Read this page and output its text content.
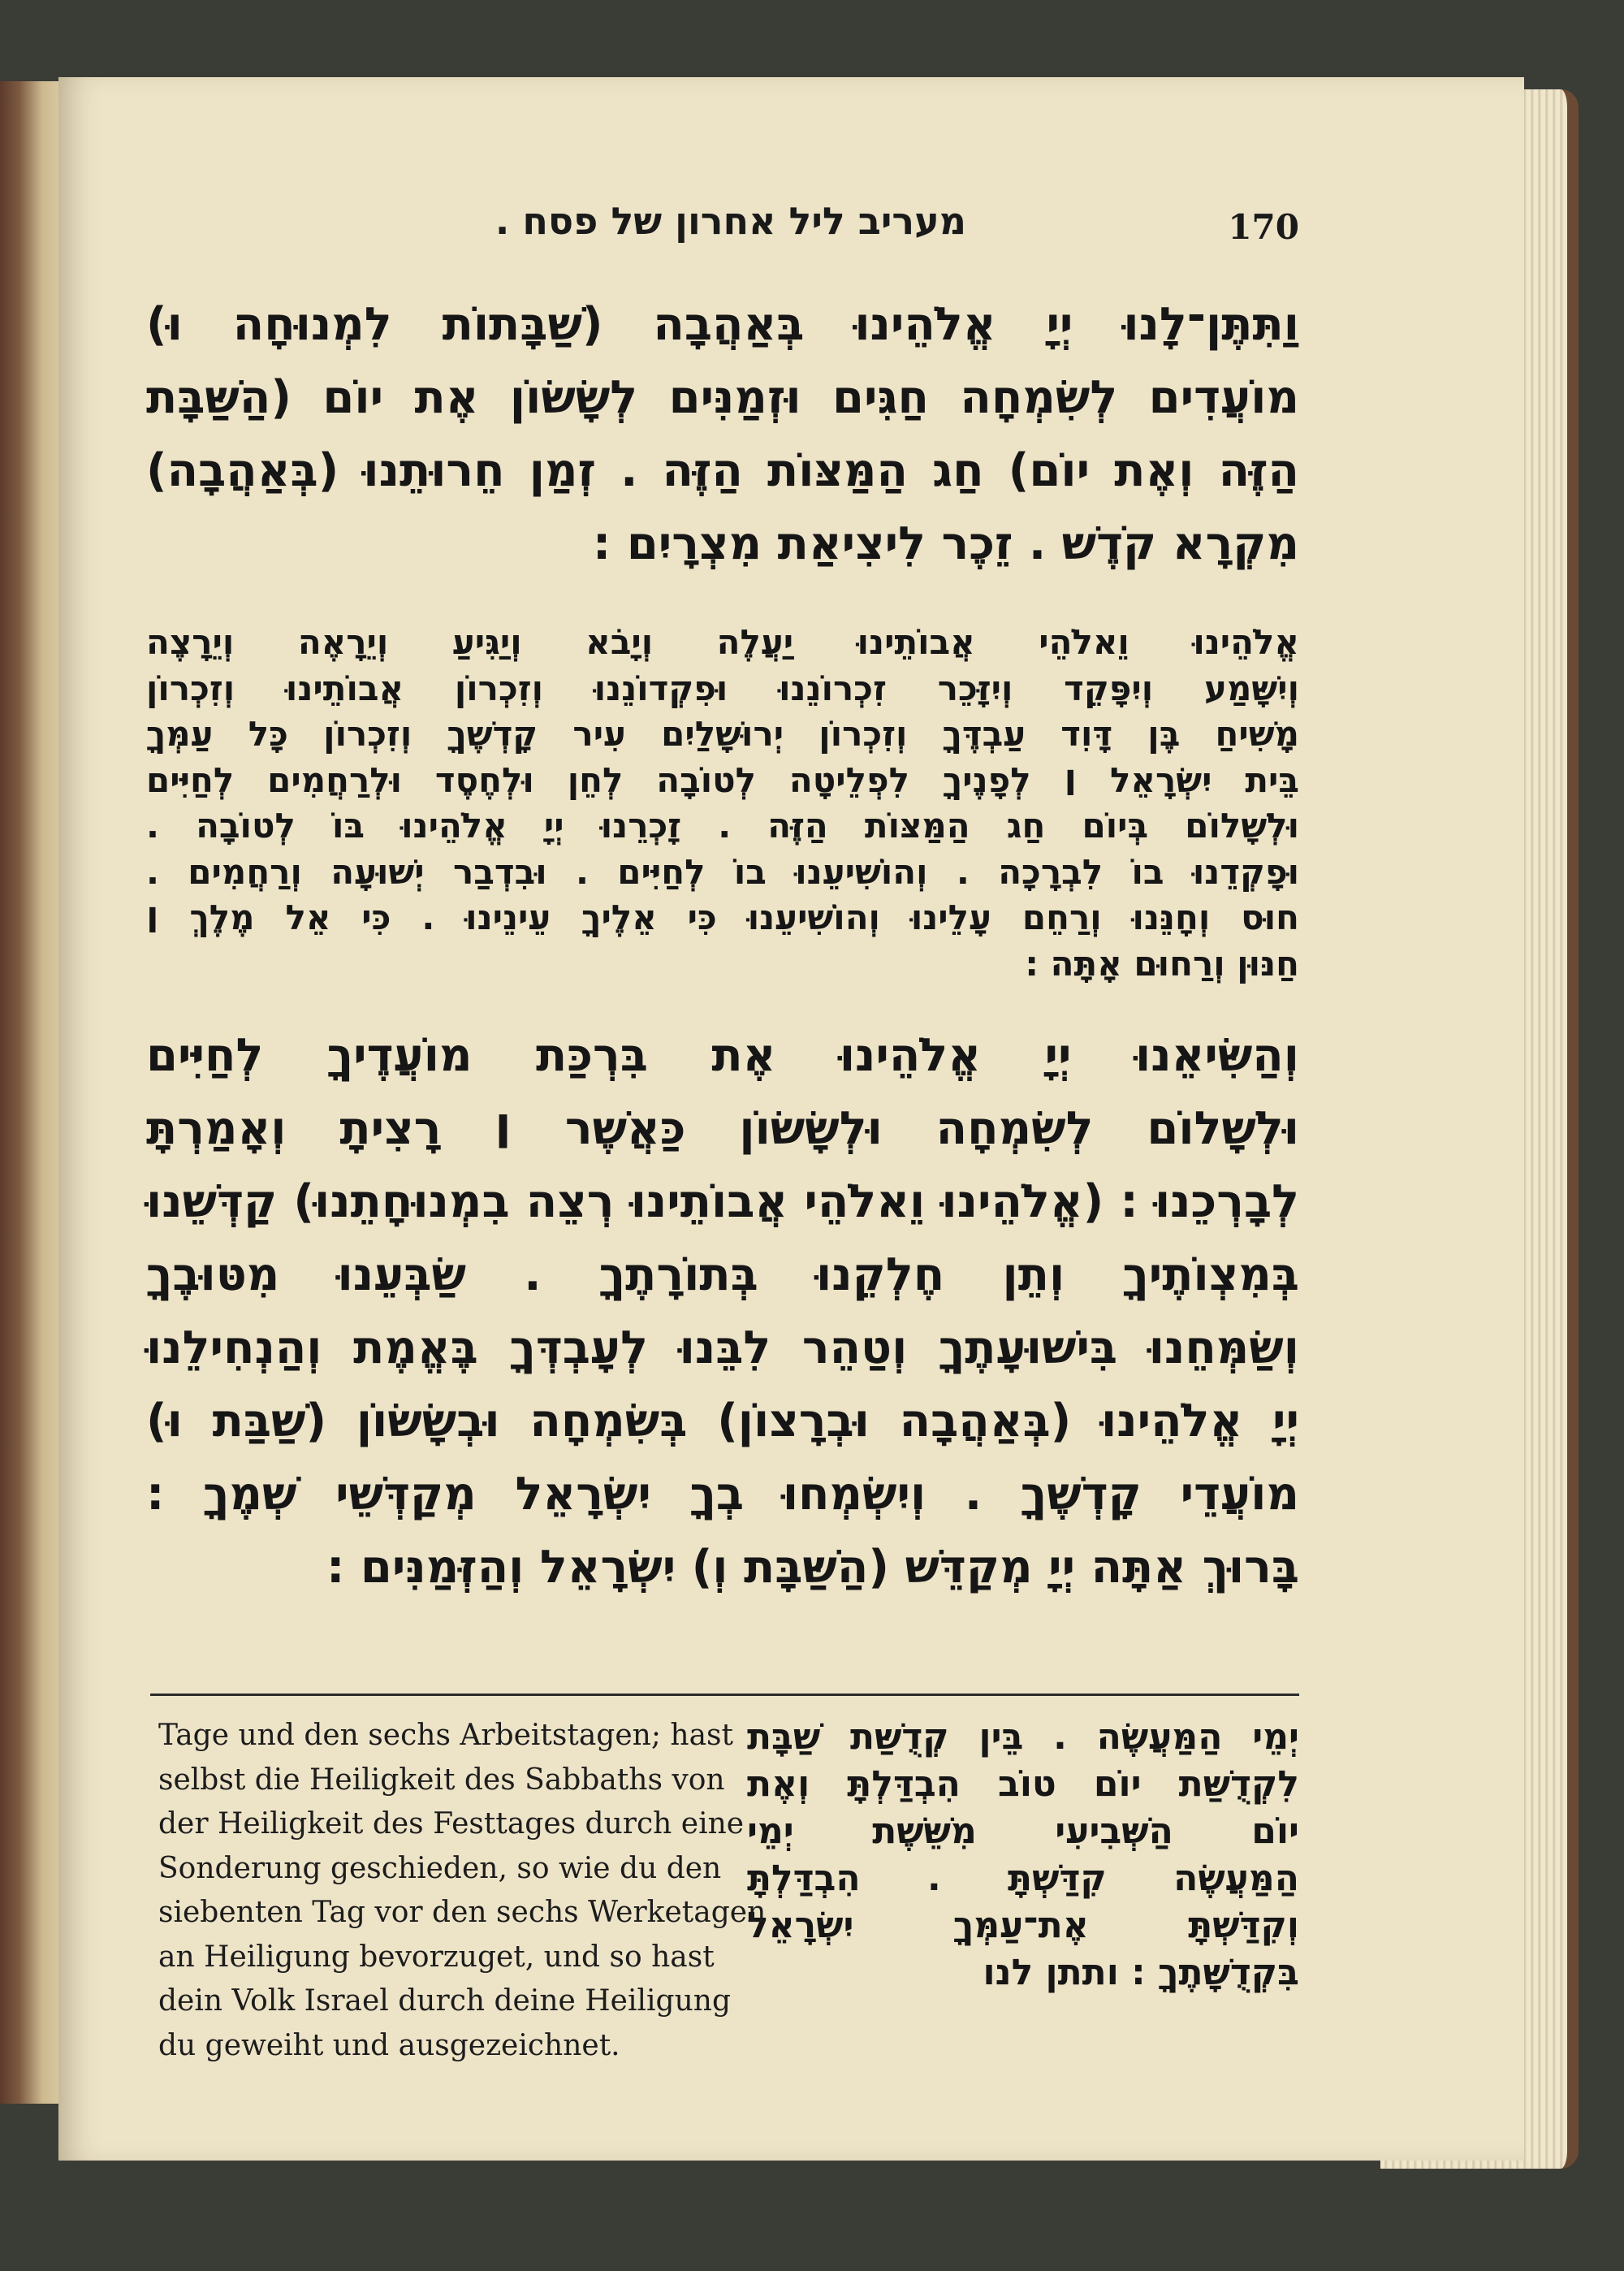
מעריב ליל אחרון של פסח .	170

וַתִּתֶּן־לָנוּ יְיָ אֱלֹהֵינוּ בְּאַהֲבָה (שַׁבָּתוֹת לִמְנוּחָה וּ)

מוֹעֲדִים לְשִׂמְחָה חַגִּים וּזְמַנִּים לְשָׂשׂוֹן אֶת יוֹם (הַשַּׁבָּת

הַזֶּה וְאֶת יוֹם) חַג הַמַּצּוֹת הַזֶּה . זְמַן חֵרוּתֵנוּ (בְּאַהֲבָה)

מִקְרָא קֹדֶשׁ . זֵכֶר לִיצִיאַת מִצְרָיִם :

אֱלֹהֵינוּ וֵאלֹהֵי אֲבוֹתֵינוּ יַעֲלֶה וְיָבֹא וְיַגִּיעַ וְיֵרָאֶה וְיֵרָצֶה

וְיִשָּׁמַע וְיִפָּקֵד וְיִזָּכֵר זִכְרוֹנֵנוּ וּפִקְדוֹנֵנוּ וְזִכְרוֹן אֲבוֹתֵינוּ וְזִכְרוֹן

מָשִׁיחַ בֶּן דָּוִד עַבְדֶּךָ וְזִכְרוֹן יְרוּשָׁלַיִם עִיר קָדְשֶׁךָ וְזִכְרוֹן כָּל עַמְּךָ

בֵּית יִשְׂרָאֵל ׀ לְפָנֶיךָ לִפְלֵיטָה לְטוֹבָה לְחֵן וּלְחֶסֶד וּלְרַחֲמִים לְחַיִּים

וּלְשָׁלוֹם בְּיוֹם חַג הַמַּצּוֹת הַזֶּה . זָכְרֵנוּ יְיָ אֱלֹהֵינוּ בּוֹ לְטוֹבָה .

וּפָקְדֵנוּ בוֹ לִבְרָכָה . וְהוֹשִׁיעֵנוּ בוֹ לְחַיִּים . וּבִדְבַר יְשׁוּעָה וְרַחֲמִים .

חוּס וְחָנֵּנוּ וְרַחֵם עָלֵינוּ וְהוֹשִׁיעֵנוּ כִּי אֵלֶיךָ עֵינֵינוּ . כִּי אֵל מֶלֶךְ ׀

חַנּוּן וְרַחוּם אָתָּה :

וְהַשִּׂיאֵנוּ יְיָ אֱלֹהֵינוּ אֶת בִּרְכַּת מוֹעֲדֶיךָ לְחַיִּים

וּלְשָׁלוֹם לְשִׂמְחָה וּלְשָׂשׂוֹן כַּאֲשֶׁר ׀ רָצִיתָ וְאָמַרְתָּ

לְבָרְכֵנוּ : (אֱלֹהֵינוּ וֵאלֹהֵי אֲבוֹתֵינוּ רְצֵה בִמְנוּחָתֵנוּ) קַדְּשֵׁנוּ

בְּמִצְוֹתֶיךָ וְתֵן חֶלְקֵנוּ בְּתוֹרָתֶךָ . שַׂבְּעֵנוּ מִטּוּבֶךָ

וְשַׂמְּחֵנוּ בִּישׁוּעָתֶךָ וְטַהֵר לִבֵּנוּ לְעָבְדְּךָ בֶּאֱמֶת וְהַנְחִילֵנוּ

יְיָ אֱלֹהֵינוּ (בְּאַהֲבָה וּבְרָצוֹן) בְּשִׂמְחָה וּבְשָׂשׂוֹן (שַׁבַּת וּ)

מוֹעֲדֵי קָדְשֶׁךָ . וְיִשְׂמְחוּ בְךָ יִשְׂרָאֵל מְקַדְּשֵׁי שְׁמֶךָ :

בָּרוּךְ אַתָּה יְיָ מְקַדֵּשׁ (הַשַּׁבָּת וְ) יִשְׂרָאֵל וְהַזְּמַנִּים :

יְמֵי הַמַּעֲשֶׂה . בֵּין קְדֻשַּׁת שַׁבָּת

לִקְדֻשַּׁת יוֹם טוֹב הִבְדַּלְתָּ וְאֶת

יוֹם הַשְּׁבִיעִי מִשֵּׁשֶׁת יְמֵי

הַמַּעֲשֶׂה קִדַּשְׁתָּ . הִבְדַּלְתָּ

וְקִדַּשְׁתָּ אֶת־עַמְּךָ יִשְׂרָאֵל

בִּקְדֻשָּׁתֶךָ : ותתן לנו

Tage und den sechs Arbeitstagen; hast

selbst die Heiligkeit des Sabbaths von

der Heiligkeit des Festtages durch eine

Sonderung geschieden, so wie du den

siebenten Tag vor den sechs Werketagen

an Heiligung bevorzuget, und so hast

dein Volk Israel durch deine Heiligung

du geweiht und ausgezeichnet.
